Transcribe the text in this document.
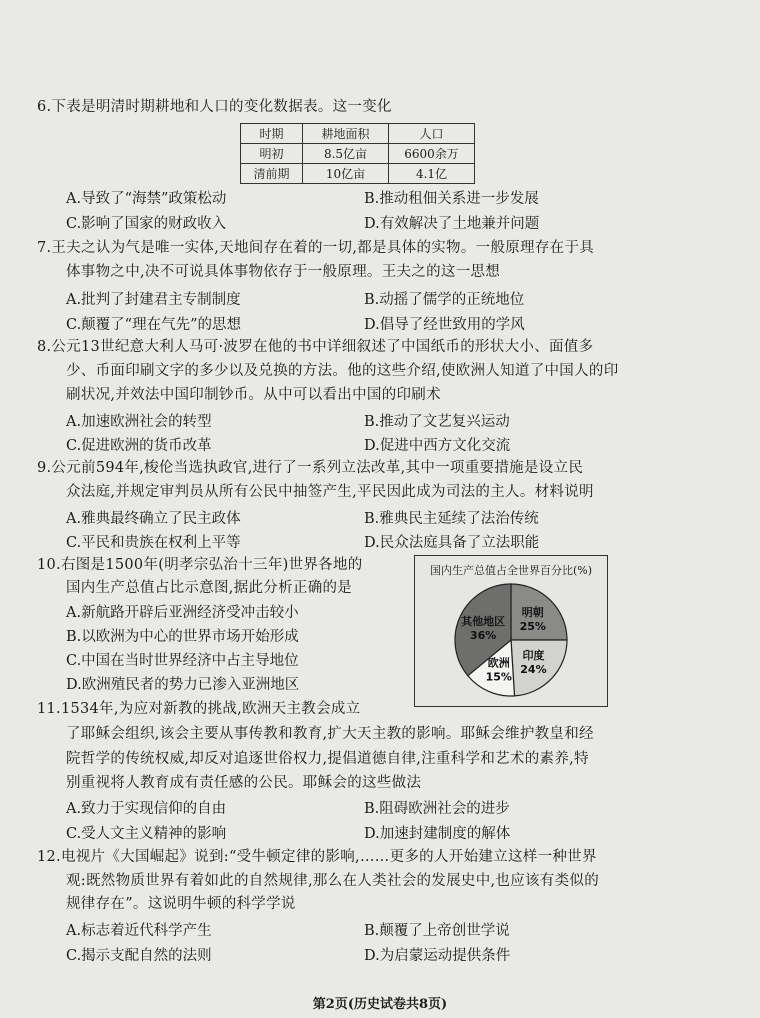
6.下表是明清时期耕地和人口的变化数据表。这一变化
时期	耕地面积	人口
明初	8.5亿亩	6600余万
清前期	10亿亩	4.1亿
A.导致了“海禁”政策松动	B.推动租佃关系进一步发展
C.影响了国家的财政收入	D.有效解决了土地兼并问题
7.王夫之认为气是唯一实体,天地间存在着的一切,都是具体的实物。一般原理存在于具
体事物之中,决不可说具体事物依存于一般原理。王夫之的这一思想
A.批判了封建君主专制制度	B.动摇了儒学的正统地位
C.颠覆了“理在气先”的思想	D.倡导了经世致用的学风
8.公元13世纪意大利人马可·波罗在他的书中详细叙述了中国纸币的形状大小、面值多
少、币面印刷文字的多少以及兑换的方法。他的这些介绍,使欧洲人知道了中国人的印
刷状况,并效法中国印制钞币。从中可以看出中国的印刷术
A.加速欧洲社会的转型	B.推动了文艺复兴运动
C.促进欧洲的货币改革	D.促进中西方文化交流
9.公元前594年,梭伦当选执政官,进行了一系列立法改革,其中一项重要措施是设立民
众法庭,并规定审判员从所有公民中抽签产生,平民因此成为司法的主人。材料说明
A.雅典最终确立了民主政体	B.雅典民主延续了法治传统
C.平民和贵族在权利上平等	D.民众法庭具备了立法职能
10.右图是1500年(明孝宗弘治十三年)世界各地的
国内生产总值占比示意图,据此分析正确的是
A.新航路开辟后亚洲经济受冲击较小
B.以欧洲为中心的世界市场开始形成
C.中国在当时世界经济中占主导地位
D.欧洲殖民者的势力已渗入亚洲地区
国内生产总值占全世界百分比(%)
明朝
25%
印度
24%
欧洲
15%
其他地区
36%
11.1534年,为应对新教的挑战,欧洲天主教会成立
了耶稣会组织,该会主要从事传教和教育,扩大天主教的影响。耶稣会维护教皇和经
院哲学的传统权威,却反对追逐世俗权力,提倡道德自律,注重科学和艺术的素养,特
别重视将人教育成有责任感的公民。耶稣会的这些做法
A.致力于实现信仰的自由	B.阻碍欧洲社会的进步
C.受人文主义精神的影响	D.加速封建制度的解体
12.电视片《大国崛起》说到:“受牛顿定律的影响,……更多的人开始建立这样一种世界
观:既然物质世界有着如此的自然规律,那么在人类社会的发展史中,也应该有类似的
规律存在”。这说明牛顿的科学学说
A.标志着近代科学产生	B.颠覆了上帝创世学说
C.揭示支配自然的法则	D.为启蒙运动提供条件
第2页(历史试卷共8页)
